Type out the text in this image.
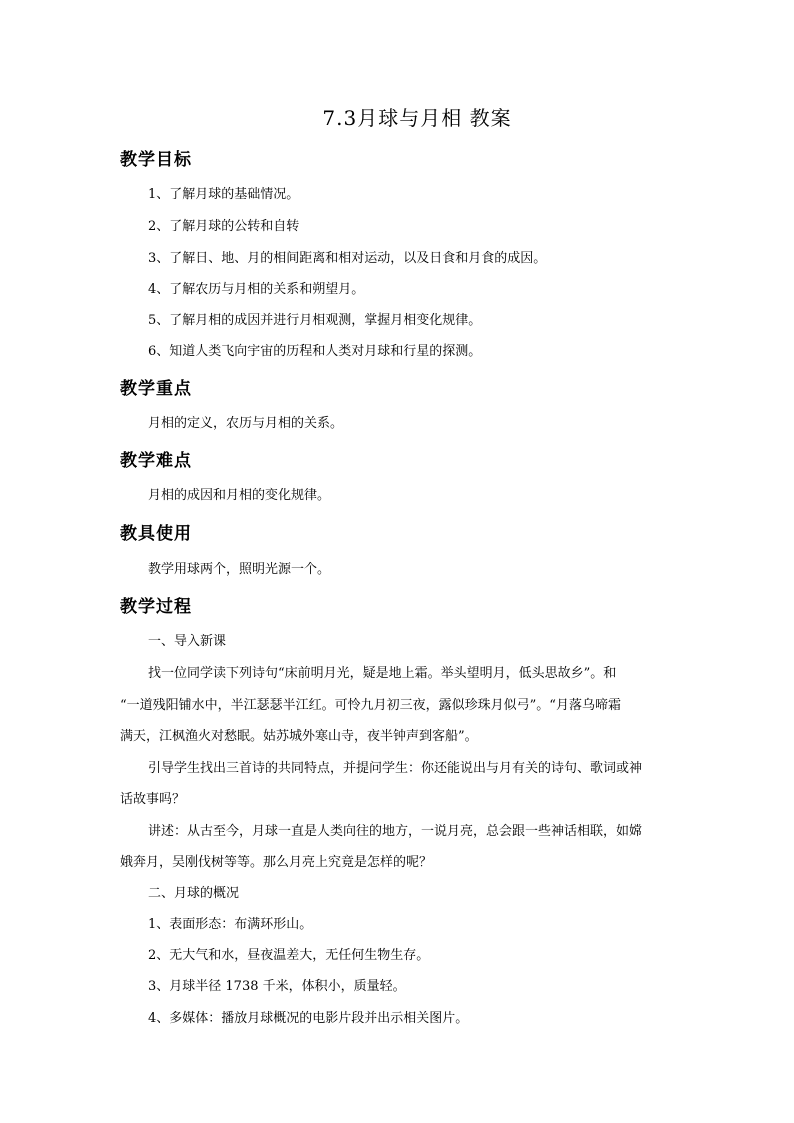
7.3月球与月相 教案
教学目标
1、了解月球的基础情况。
2、了解月球的公转和自转
3、了解日、地、月的相间距离和相对运动，以及日食和月食的成因。
4、了解农历与月相的关系和朔望月。
5、了解月相的成因并进行月相观测，掌握月相变化规律。
6、知道人类飞向宇宙的历程和人类对月球和行星的探测。
教学重点
月相的定义，农历与月相的关系。
教学难点
月相的成因和月相的变化规律。
教具使用
教学用球两个，照明光源一个。
教学过程
一、导入新课
找一位同学读下列诗句“床前明月光，疑是地上霜。举头望明月，低头思故乡”。和
“一道残阳铺水中，半江瑟瑟半江红。可怜九月初三夜，露似珍珠月似弓”。“月落乌啼霜
满天，江枫渔火对愁眠。姑苏城外寒山寺，夜半钟声到客船”。
引导学生找出三首诗的共同特点，并提问学生：你还能说出与月有关的诗句、歌词或神
话故事吗？
讲述：从古至今，月球一直是人类向往的地方，一说月亮，总会跟一些神话相联，如嫦
娥奔月，吴刚伐树等等。那么月亮上究竟是怎样的呢？
二、月球的概况
1、表面形态：布满环形山。
2、无大气和水，昼夜温差大，无任何生物生存。
3、月球半径 1738 千米，体积小，质量轻。
4、多媒体：播放月球概况的电影片段并出示相关图片。
